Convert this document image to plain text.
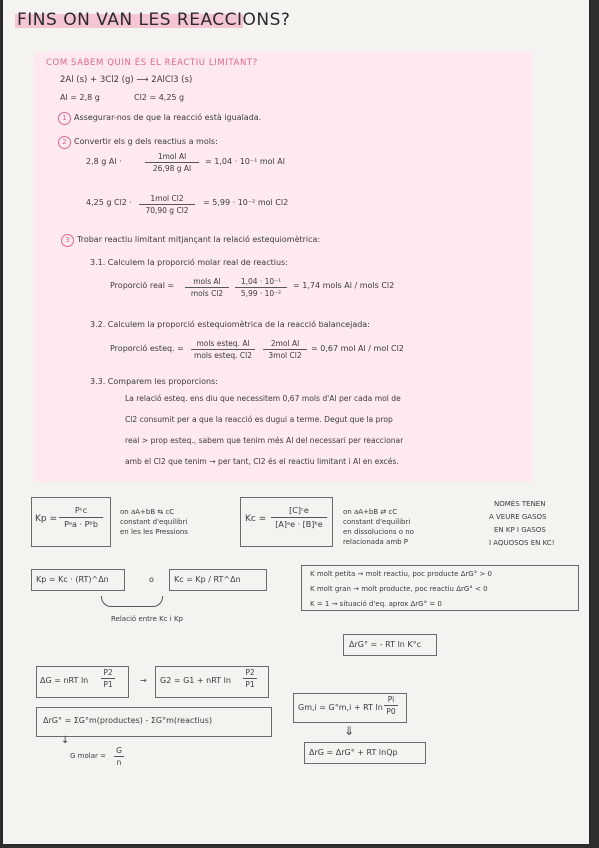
FINS ON VAN LES REACCIONS?
COM SABEM QUIN ÉS EL REACTIU LIMITANT?
2Al (s) + 3Cl2 (g) ⟶ 2AlCl3 (s)
Al = 2,8 g	Cl2 = 4,25 g
1 Assegurar-nos de que la reacció està igualada.
2 Convertir els g dels reactius a mols:
2,8 g Al ·
1mol Al
26,98 g Al
= 1,04 · 10⁻¹ mol Al
4,25 g Cl2 ·	1mol Cl2
70,90 g Cl2
= 5,99 · 10⁻² mol Cl2
3 Trobar reactiu limitant mitjançant la relació estequiomètrica:
3.1. Calculem la proporció molar real de reactius:
Proporció real =	mols Al
mols Cl2	$\frac{\text{1,04 · 10⁻¹}}{\text{5,99 · 10⁻²}} = 1,74$ mols Al / mols Cl2
3.2. Calculem la proporció estequiomètrica de la reacció balancejada:
Proporció esteq. =
mols esteq. Al
mols esteq. Cl2
2mol Al
3mol Cl2
= 0,67 mol Al / mol Cl2
3.3. Comparem les proporcions:
La relació esteq. ens diu que necessitem 0,67 mols d'Al per cada mol de
Cl2 consumit per a que la reacció es dugui a terme. Degut que la prop
real > prop esteq., sabem que tenim més Al del necessari per reaccionar
amb el Cl2 que tenim → per tant, Cl2 és el reactiu limitant i Al en excés.
Kp =
Pᶜc
Pᵃa · Pᵇb
on aA+bB ⇆ cC
constant d'equilibri
en les les Pressions
$Kc = \frac{\text{[C]ᶜe}}{\text{[A]ᵃe · [B]ᵇe}}$ on aA+bB ⇄ cC
constant d'equilibri
en dissolucions o no
relacionada amb P
NOMÉS TENEN
A VEURE GASOS
EN KP I GASOS
I AQUOSOS EN KC!
Kp = Kc · (RT)^Δn	o	Kc = Kp / RT^Δn
Relació entre Kc i Kp
K molt petita → molt reactiu, poc producte ΔrG° > 0
K molt gran → molt producte, poc reactiu ΔrG° < 0
K = 1 → situació d'eq. aprox ΔrG° = 0
ΔrG° = - RT ln K°c
ΔG = nRT $\ln \frac{P2}{P1}$	→ G2 = G1 + nRT $\ln \frac{P2}{P1}$
ΔrG° = ΣG°m(productes) - ΣG°m(reactius)
↓
G molar = $\frac{G}{n}$
Gm,i = G°m,i + RT $\ln \frac{Pi}{P0}$
⇓
ΔrG = ΔrG° + RT lnQp
